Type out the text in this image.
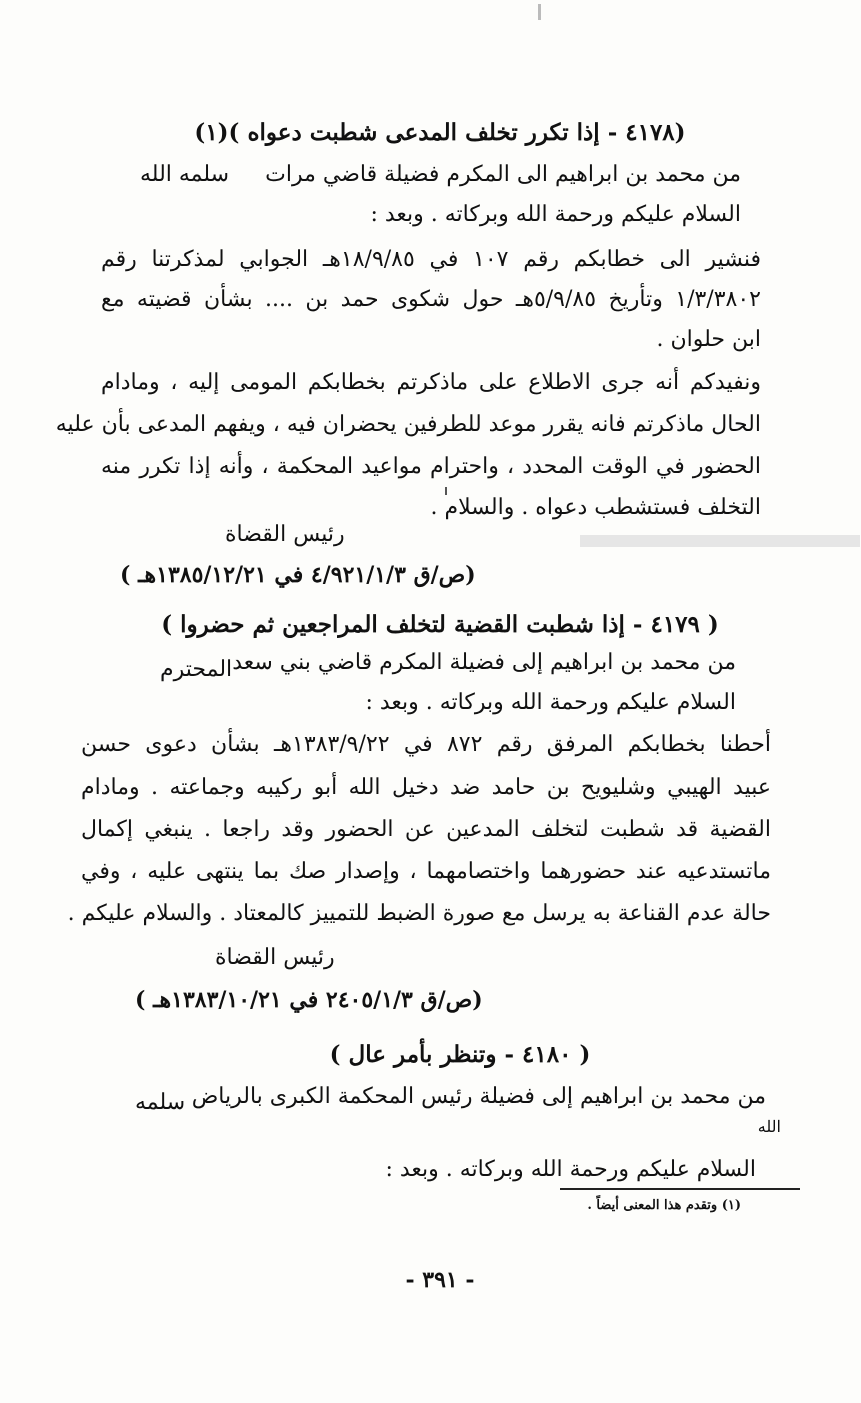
(٤١٧٨ - إذا تكرر تخلف المدعى شطبت دعواه )(١)
من محمد بن ابراهيم الى المكرم فضيلة قاضي مرات
سلمه الله
السلام عليكم ورحمة الله وبركاته . وبعد :
فنشير الى خطابكم رقم ١٠٧ في ١٨/٩/٨٥هـ الجوابي لمذكرتنا رقم
١/٣/٣٨٠٢ وتأريخ ٥/٩/٨٥هـ حول شكوى حمد بن .... بشأن قضيته مع
ابن حلوان .
ونفيدكم أنه جرى الاطلاع على ماذكرتم بخطابكم المومى إليه ، ومادام
الحال ماذكرتم فانه يقرر موعد للطرفين يحضران فيه ، ويفهم المدعى بأن عليه
الحضور في الوقت المحدد ، واحترام مواعيد المحكمة ، وأنه إذا تكرر منه
التخلف فستشطب دعواه . والسلام .
رئيس القضاة
(ص/ق ٤/٩٢١/١/٣ في ١٣٨٥/١٢/٢١هـ )
( ٤١٧٩ - إذا شطبت القضية لتخلف المراجعين ثم حضروا )
من محمد بن ابراهيم إلى فضيلة المكرم قاضي بني سعد
المحترم
السلام عليكم ورحمة الله وبركاته . وبعد :
أحطنا بخطابكم المرفق رقم ٨٧٢ في ١٣٨٣/٩/٢٢هـ بشأن دعوى حسن
عبيد الهيبي وشليويح بن حامد ضد دخيل الله أبو ركيبه وجماعته . ومادام
القضية قد شطبت لتخلف المدعين عن الحضور وقد راجعا . ينبغي إكمال
ماتستدعيه عند حضورهما واختصامهما ، وإصدار صك بما ينتهى عليه ، وفي
حالة عدم القناعة به يرسل مع صورة الضبط للتمييز كالمعتاد . والسلام عليكم .
رئيس القضاة
(ص/ق ٢٤٠٥/١/٣ في ١٣٨٣/١٠/٢١هـ )
( ٤١٨٠ - وتنظر بأمر عال )
من محمد بن ابراهيم إلى فضيلة رئيس المحكمة الكبرى بالرياض
سلمه
الله
السلام عليكم ورحمة الله وبركاته . وبعد :
(١) وتقدم هذا المعنى أيضاً .
- ٣٩١ -
